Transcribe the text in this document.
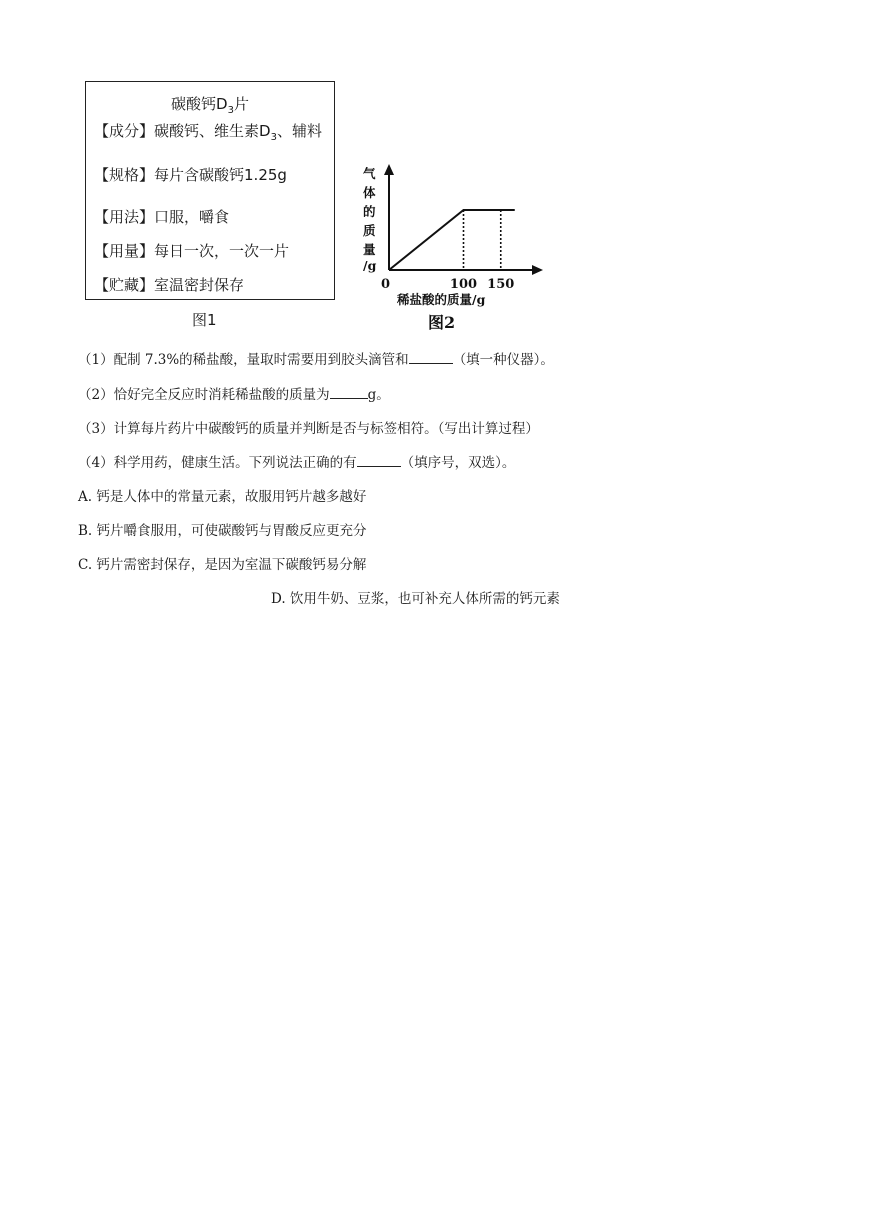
碳酸钙$D_3$片
【成分】碳酸钙、维生素$D_3$、辅料
【规格】每片含碳酸钙1.25g
【用法】口服，嚼食
【用量】每日一次，一次一片
【贮藏】室温密封保存
图1
气
体
的
质
量
/g
0	100 150
稀盐酸的质量/g
图2
（1）配制 7.3%的稀盐酸，量取时需要用到胶头滴管和	（填一种仪器）。
（2）恰好完全反应时消耗稀盐酸的质量为	g。
（3）计算每片药片中碳酸钙的质量并判断是否与标签相符。（写出计算过程）
（4）科学用药，健康生活。下列说法正确的有	（填序号，双选）。
A. 钙是人体中的常量元素，故服用钙片越多越好
B. 钙片嚼食服用，可使碳酸钙与胃酸反应更充分
C. 钙片需密封保存，是因为室温下碳酸钙易分解
D. 饮用牛奶、豆浆，也可补充人体所需的钙元素
